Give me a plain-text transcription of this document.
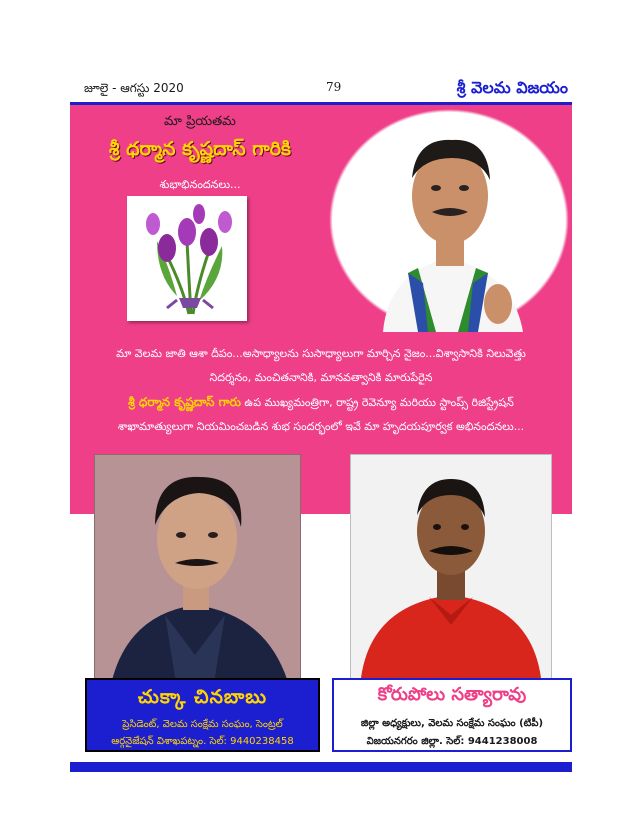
జూలై - ఆగస్టు 2020	79	శ్రీ వెలమ విజయం
మా ప్రియతమ
శ్రీ ధర్మాన కృష్ణదాస్ గారికి
శుభాభినందనలు...
మా వెలమ జాతి ఆశా దీపం...అసాధ్యాలను సుసాధ్యాలుగా మార్చిన నైజం...విశ్వాసానికి నిలువెత్తు
నిదర్శనం, మంచితనానికి, మానవత్వానికి మారుపేరైన
శ్రీ ధర్మాన కృష్ణదాస్ గారు ఉప ముఖ్యమంత్రిగా, రాష్ట్ర రెవెన్యూ మరియు స్టాంప్స్ రిజిస్ట్రేషన్
శాఖామాత్యులుగా నియమించబడిన శుభ సందర్భంలో ఇవే మా హృదయపూర్వక అభినందనలు...
చుక్కా చినబాబు
ప్రెసిడెంట్, వెలమ సంక్షేమ సంఘం, సెంట్రల్
ఆర్గనైజేషన్ విశాఖపట్నం. సెల్: 9440238458
కోరుపోలు సత్యారావు
జిల్లా అధ్యక్షులు, వెలమ సంక్షేమ సంఘం (టిపీ)
విజయనగరం జిల్లా. సెల్: 9441238008
